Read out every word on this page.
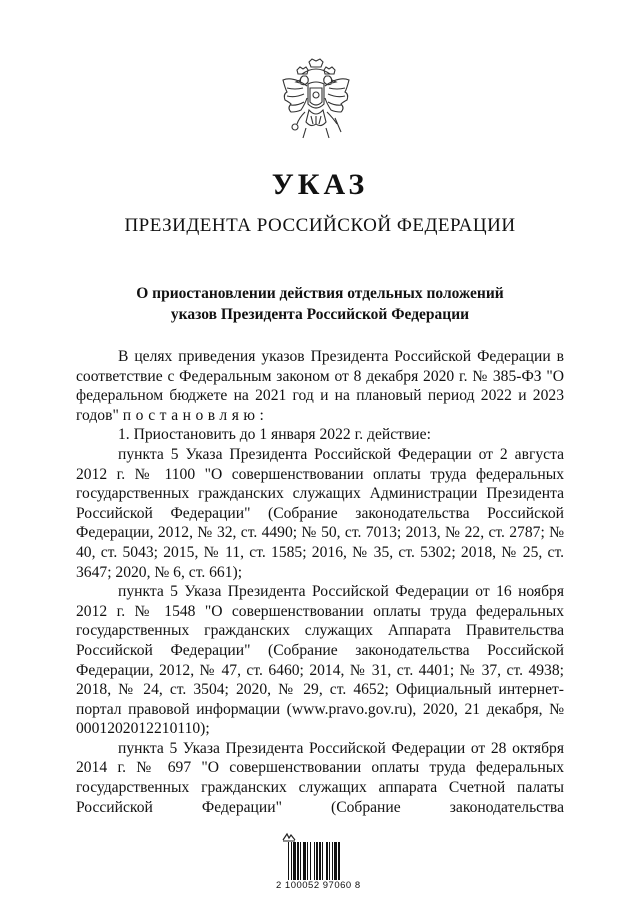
УКАЗ
ПРЕЗИДЕНТА РОССИЙСКОЙ ФЕДЕРАЦИИ
О приостановлении действия отдельных положений
указов Президента Российской Федерации

В целях приведения указов Президента Российской Федерации в соответствие с Федеральным законом от 8 декабря 2020 г. № 385-ФЗ "О федеральном бюджете на 2021 год и на плановый период 2022 и 2023 годов" постановляю:

1. Приостановить до 1 января 2022 г. действие:

пункта 5 Указа Президента Российской Федерации от 2 августа 2012 г. № 1100 "О совершенствовании оплаты труда федеральных государственных гражданских служащих Администрации Президента Российской Федерации" (Собрание законодательства Российской Федерации, 2012, № 32, ст. 4490; № 50, ст. 7013; 2013, № 22, ст. 2787; № 40, ст. 5043; 2015, № 11, ст. 1585; 2016, № 35, ст. 5302; 2018, № 25, ст. 3647; 2020, № 6, ст. 661);

пункта 5 Указа Президента Российской Федерации от 16 ноября 2012 г. № 1548 "О совершенствовании оплаты труда федеральных государственных гражданских служащих Аппарата Правительства Российской Федерации" (Собрание законодательства Российской Федерации, 2012, № 47, ст. 6460; 2014, № 31, ст. 4401; № 37, ст. 4938; 2018, № 24, ст. 3504; 2020, № 29, ст. 4652; Официальный интернет-портал правовой информации (www.pravo.gov.ru), 2020, 21 декабря, № 0001202012210110);

пункта 5 Указа Президента Российской Федерации от 28 октября 2014 г. № 697 "О совершенствовании оплаты труда федеральных государственных гражданских служащих аппарата Счетной палаты Российской Федерации" (Собрание законодательства

2 100052 97060 8
